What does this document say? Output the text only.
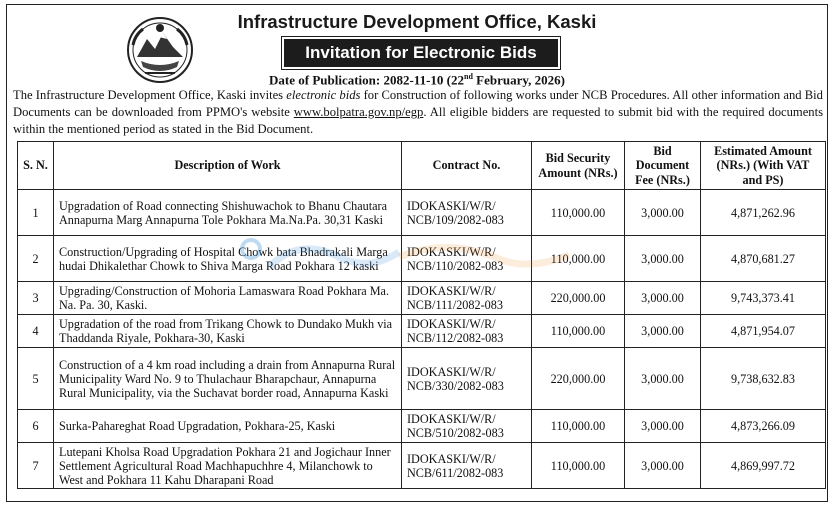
Infrastructure Development Office, Kaski
Invitation for Electronic Bids
Date of Publication: 2082-11-10 (22nd February, 2026)
The Infrastructure Development Office, Kaski invites electronic bids for Construction of following works under NCB Procedures. All other information and Bid Documents can be downloaded from PPMO's website www.bolpatra.gov.np/egp. All eligible bidders are requested to submit bid with the required documents within the mentioned period as stated in the Bid Document.
S. N.	Description of Work	Contract No.	Bid Security Amount (NRs.)	Bid Document Fee (NRs.)	Estimated Amount (NRs.) (With VAT and PS)
1	Upgradation of Road connecting Shishuwachok to Bhanu Chautara Annapurna Marg Annapurna Tole Pokhara Ma.Na.Pa. 30,31 Kaski	IDOKASKI/W/R/ NCB/109/2082-083	110,000.00	3,000.00	4,871,262.96
2	Construction/Upgrading of Hospital Chowk bata Bhadrakali Marga hudai Dhikalethar Chowk to Shiva Marga Road Pokhara 12 kaski	IDOKASKI/W/R/ NCB/110/2082-083	110,000.00	3,000.00	4,870,681.27
3	Upgrading/Construction of Mohoria Lamaswara Road Pokhara Ma. Na. Pa. 30, Kaski.	IDOKASKI/W/R/ NCB/111/2082-083	220,000.00	3,000.00	9,743,373.41
4	Upgradation of the road from Trikang Chowk to Dundako Mukh via Thaddanda Riyale, Pokhara-30, Kaski	IDOKASKI/W/R/ NCB/112/2082-083	110,000.00	3,000.00	4,871,954.07
5	Construction of a 4 km road including a drain from Annapurna Rural Municipality Ward No. 9 to Thulachaur Bharapchaur, Annapurna Rural Municipality, via the Suchavat border road, Annapurna Kaski	IDOKASKI/W/R/ NCB/330/2082-083	220,000.00	3,000.00	9,738,632.83
6	Surka-Pahareghat Road Upgradation, Pokhara-25, Kaski	IDOKASKI/W/R/ NCB/510/2082-083	110,000.00	3,000.00	4,873,266.09
7	Lutepani Kholsa Road Upgradation Pokhara 21 and Jogichaur Inner Settlement Agricultural Road Machhapuchhre 4, Milanchowk to West and Pokhara 11 Kahu Dharapani Road	IDOKASKI/W/R/ NCB/611/2082-083	110,000.00	3,000.00	4,869,997.72
